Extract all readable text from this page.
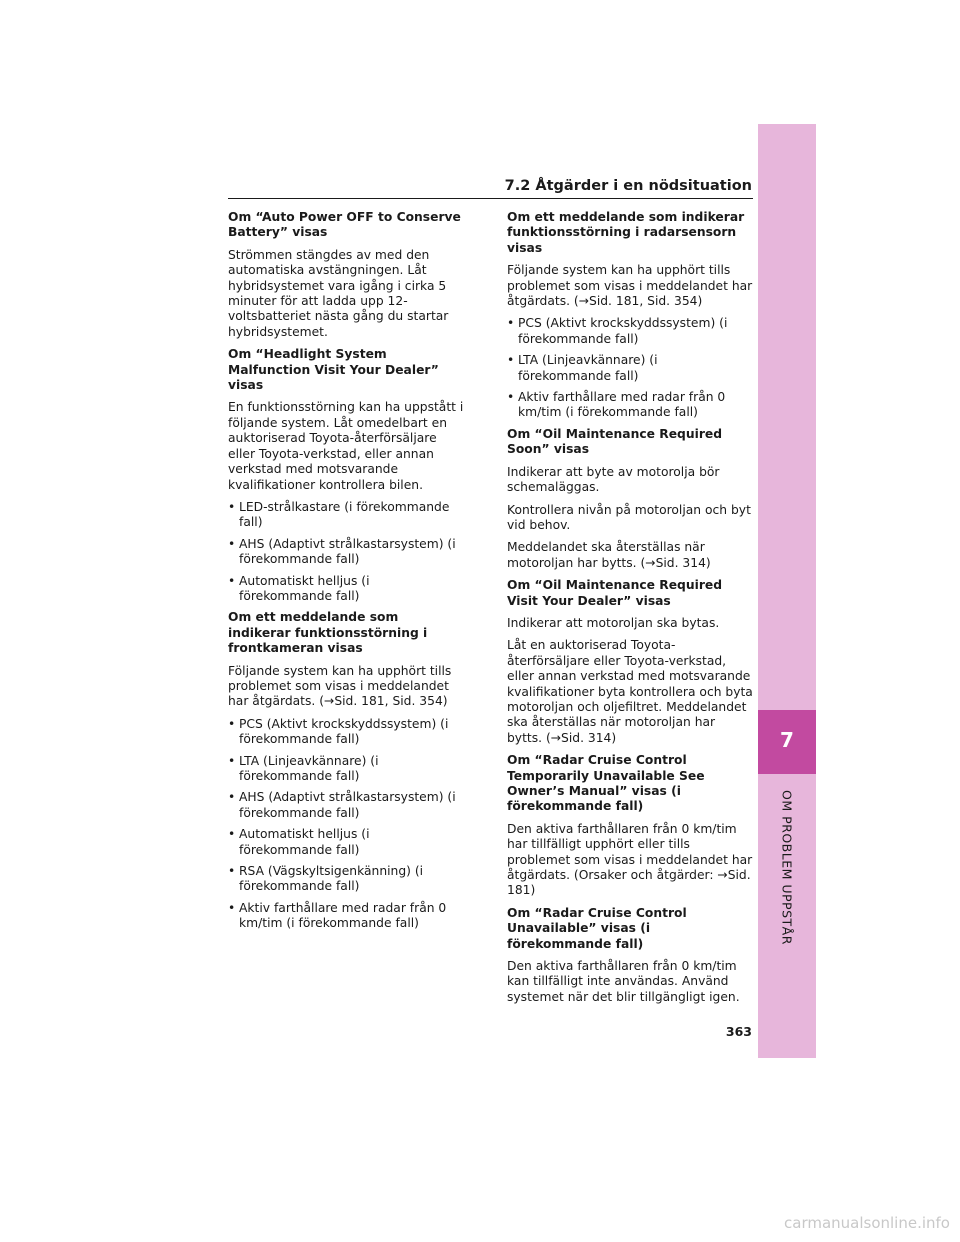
7.2 Åtgärder i en nödsituation
Om “Auto Power OFF to Conserve Battery” visas
Strömmen stängdes av med den automatiska avstängningen. Låt hybridsystemet vara igång i cirka 5 minuter för att ladda upp 12-voltsbatteriet nästa gång du startar hybridsystemet.
Om “Headlight System Malfunction Visit Your Dealer” visas
En funktionsstörning kan ha uppstått i följande system. Låt omedelbart en auktoriserad Toyota-återförsäljare eller Toyota-verkstad, eller annan verkstad med motsvarande kvalifikationer kontrollera bilen.
• LED-strålkastare (i förekommande fall)
• AHS (Adaptivt strålkastarsystem) (i förekommande fall)
• Automatiskt helljus (i förekommande fall)
Om ett meddelande som indikerar funktionsstörning i frontkameran visas
Följande system kan ha upphört tills problemet som visas i meddelandet har åtgärdats. (→Sid. 181, Sid. 354)
• PCS (Aktivt krockskyddssystem) (i förekommande fall)
• LTA (Linjeavkännare) (i förekommande fall)
• AHS (Adaptivt strålkastarsystem) (i förekommande fall)
• Automatiskt helljus (i förekommande fall)
• RSA (Vägskyltsigenkänning) (i förekommande fall)
• Aktiv farthållare med radar från 0 km/tim (i förekommande fall)
Om ett meddelande som indikerar funktionsstörning i radarsensorn visas
Följande system kan ha upphört tills problemet som visas i meddelandet har åtgärdats. (→Sid. 181, Sid. 354)
• PCS (Aktivt krockskyddssystem) (i förekommande fall)
• LTA (Linjeavkännare) (i förekommande fall)
• Aktiv farthållare med radar från 0 km/tim (i förekommande fall)
Om “Oil Maintenance Required Soon” visas
Indikerar att byte av motorolja bör schemaläggas.
Kontrollera nivån på motoroljan och byt vid behov.
Meddelandet ska återställas när motoroljan har bytts. (→Sid. 314)
Om “Oil Maintenance Required Visit Your Dealer” visas
Indikerar att motoroljan ska bytas.
Låt en auktoriserad Toyota-återförsäljare eller Toyota-verkstad, eller annan verkstad med motsvarande kvalifikationer byta kontrollera och byta motoroljan och oljefiltret. Meddelandet ska återställas när motoroljan har bytts. (→Sid. 314)
Om “Radar Cruise Control Temporarily Unavailable See Owner’s Manual” visas (i förekommande fall)
Den aktiva farthållaren från 0 km/tim har tillfälligt upphört eller tills problemet som visas i meddelandet har åtgärdats. (Orsaker och åtgärder: →Sid. 181)
Om “Radar Cruise Control Unavailable” visas (i förekommande fall)
Den aktiva farthållaren från 0 km/tim kan tillfälligt inte användas. Använd systemet när det blir tillgängligt igen.
7
OM PROBLEM UPPSTÅR
363
carmanualsonline.info
